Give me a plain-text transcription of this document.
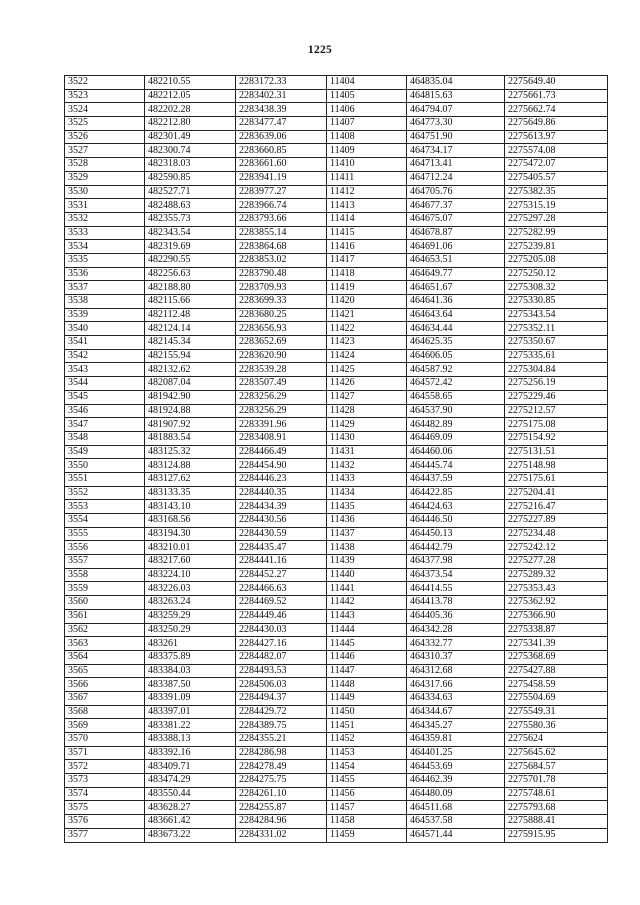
1225
3522	482210.55	2283172.33	11404	464835.04	2275649.40
3523	482212.05	2283402.31	11405	464815.63	2275661.73
3524	482202.28	2283438.39	11406	464794.07	2275662.74
3525	482212.80	2283477.47	11407	464773.30	2275649.86
3526	482301.49	2283639.06	11408	464751.90	2275613.97
3527	482300.74	2283660.85	11409	464734.17	2275574.08
3528	482318.03	2283661.60	11410	464713.41	2275472.07
3529	482590.85	2283941.19	11411	464712.24	2275405.57
3530	482527.71	2283977.27	11412	464705.76	2275382.35
3531	482488.63	2283966.74	11413	464677.37	2275315.19
3532	482355.73	2283793.66	11414	464675.07	2275297.28
3533	482343.54	2283855.14	11415	464678.87	2275282.99
3534	482319.69	2283864.68	11416	464691.06	2275239.81
3535	482290.55	2283853.02	11417	464653.51	2275205.08
3536	482256.63	2283790.48	11418	464649.77	2275250.12
3537	482188.80	2283709.93	11419	464651.67	2275308.32
3538	482115.66	2283699.33	11420	464641.36	2275330.85
3539	482112.48	2283680.25	11421	464643.64	2275343.54
3540	482124.14	2283656.93	11422	464634.44	2275352.11
3541	482145.34	2283652.69	11423	464625.35	2275350.67
3542	482155.94	2283620.90	11424	464606.05	2275335.61
3543	482132.62	2283539.28	11425	464587.92	2275304.84
3544	482087.04	2283507.49	11426	464572.42	2275256.19
3545	481942.90	2283256.29	11427	464558.65	2275229.46
3546	481924.88	2283256.29	11428	464537.90	2275212.57
3547	481907.92	2283391.96	11429	464482.89	2275175.08
3548	481883.54	2283408.91	11430	464469.09	2275154.92
3549	483125.32	2284466.49	11431	464460.06	2275131.51
3550	483124.88	2284454.90	11432	464445.74	2275148.98
3551	483127.62	2284446.23	11433	464437.59	2275175.61
3552	483133.35	2284440.35	11434	464422.85	2275204.41
3553	483143.10	2284434.39	11435	464424.63	2275216.47
3554	483168.56	2284430.56	11436	464446.50	2275227.89
3555	483194.30	2284430.59	11437	464450.13	2275234.48
3556	483210.01	2284435.47	11438	464442.79	2275242.12
3557	483217.60	2284441.16	11439	464377.98	2275277.28
3558	483224.10	2284452.27	11440	464373.54	2275289.32
3559	483226.03	2284466.63	11441	464414.55	2275353.43
3560	483263.24	2284469.52	11442	464413.78	2275362.92
3561	483259.29	2284449.46	11443	464405.36	2275366.90
3562	483250.29	2284430.03	11444	464342.28	2275338.87
3563	483261	2284427.16	11445	464332.77	2275341.39
3564	483375.89	2284482.07	11446	464310.37	2275368.69
3565	483384.03	2284493.53	11447	464312.68	2275427.88
3566	483387.50	2284506.03	11448	464317.66	2275458.59
3567	483391.09	2284494.37	11449	464334.63	2275504.69
3568	483397.01	2284429.72	11450	464344.67	2275549.31
3569	483381.22	2284389.75	11451	464345.27	2275580.36
3570	483388.13	2284355.21	11452	464359.81	2275624
3571	483392.16	2284286.98	11453	464401.25	2275645.62
3572	483409.71	2284278.49	11454	464453.69	2275684.57
3573	483474.29	2284275.75	11455	464462.39	2275701.78
3574	483550.44	2284261.10	11456	464480.09	2275748.61
3575	483628.27	2284255.87	11457	464511.68	2275793.68
3576	483661.42	2284284.96	11458	464537.58	2275888.41
3577	483673.22	2284331.02	11459	464571.44	2275915.95
